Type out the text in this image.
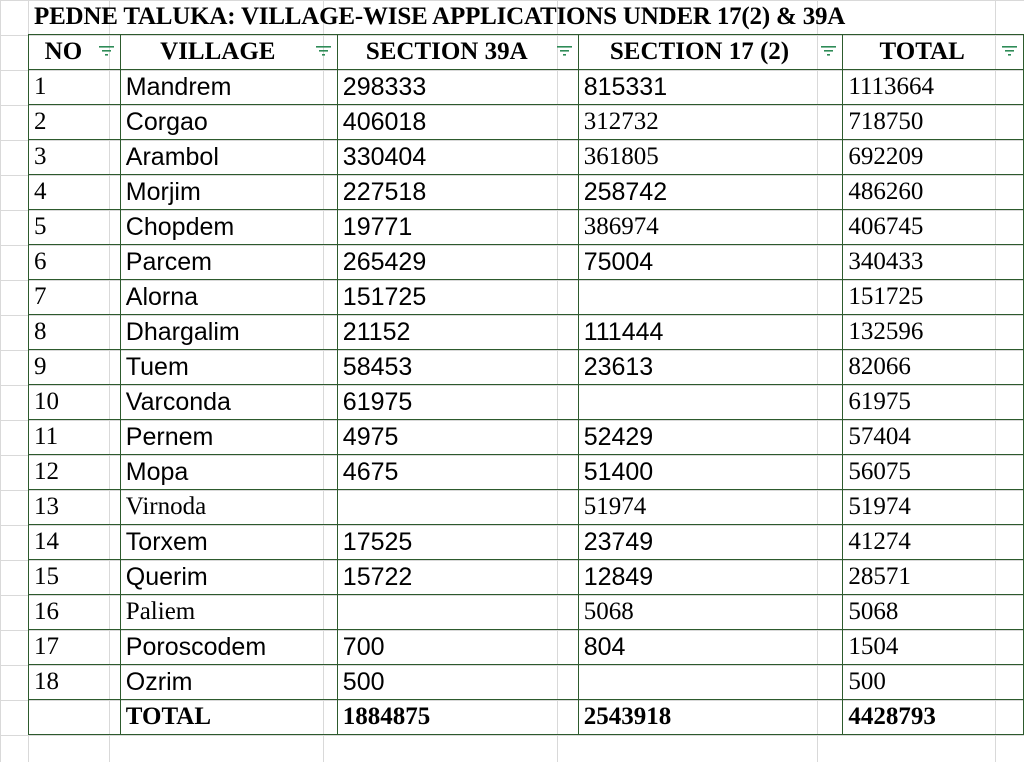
PEDNE TALUKA: VILLAGE-WISE APPLICATIONS UNDER 17(2) & 39A
NO	VILLAGE	SECTION 39A	SECTION 17 (2)	TOTAL

1	Mandrem	298333	815331	1113664
2	Corgao	406018	312732	718750
3	Arambol	330404	361805	692209
4	Morjim	227518	258742	486260
5	Chopdem	19771	386974	406745
6	Parcem	265429	75004	340433
7	Alorna	151725		151725
8	Dhargalim	21152	111444	132596
9	Tuem	58453	23613	82066
10	Varconda	61975		61975
11	Pernem	4975	52429	57404
12	Mopa	4675	51400	56075
13	Virnoda		51974	51974
14	Torxem	17525	23749	41274
15	Querim	15722	12849	28571
16	Paliem		5068	5068
17	Poroscodem	700	804	1504
18	Ozrim	500		500
	TOTAL	1884875	2543918	4428793
